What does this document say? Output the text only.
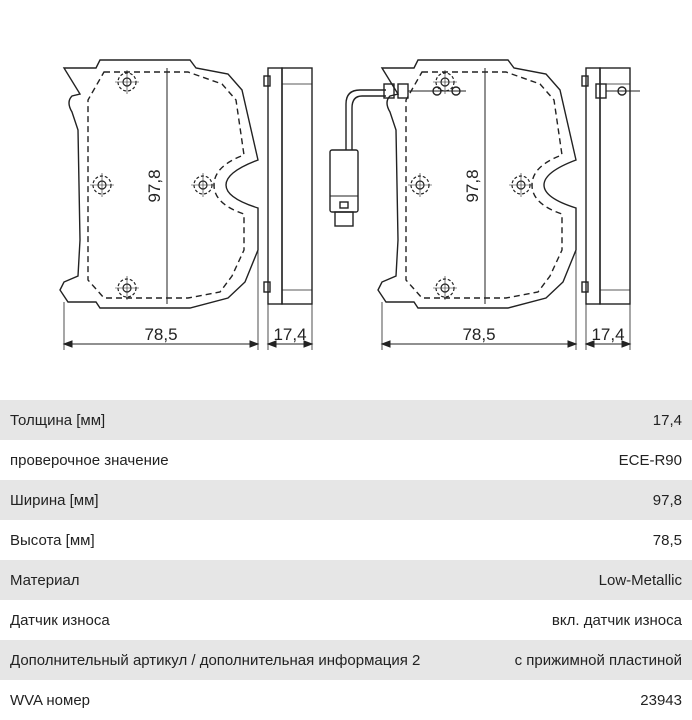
78,5	17,4
97,8
78,5	17,4
97,8
Толщина [мм]	17,4
проверочное значение	ECE-R90
Ширина [мм]	97,8
Высота [мм]	78,5
Материал	Low-Metallic
Датчик износа	вкл. датчик износа
Дополнительный артикул / дополнительная информация 2	с прижимной пластиной
WVA номер	23943
